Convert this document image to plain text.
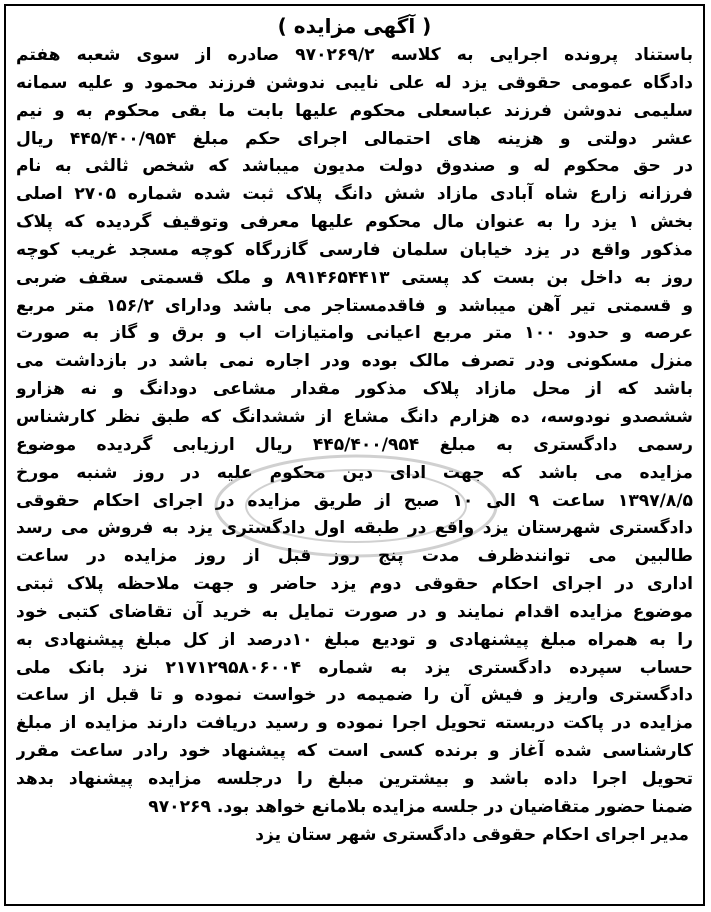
( آگهی مزایده )
باستناد پرونده اجرایی به کلاسه ۹۷۰۲۶۹/۲ صادره از سوی شعبه هفتم
دادگاه عمومی حقوقی یزد له علی نایبی ندوشن فرزند محمود و علیه سمانه
سلیمی ندوشن فرزند عباسعلی محکوم علیها بابت ما بقی محکوم به و نیم
عشر دولتی و هزینه های احتمالی اجرای حکم مبلغ ۴۴۵/۴۰۰/۹۵۴ ریال
در حق محکوم له و صندوق دولت مدیون میباشد که شخص ثالثی به نام
فرزانه زارع شاه آبادی مازاد شش دانگ پلاک ثبت شده شماره ۲۷۰۵ اصلی
بخش ۱ یزد را به عنوان مال محکوم علیها معرفی وتوقیف گردیده که پلاک
مذکور واقع در یزد خیابان سلمان فارسی گازرگاه کوچه مسجد غریب کوچه
روز به داخل بن بست کد پستی ۸۹۱۴۶۵۴۴۱۳ و ملک قسمتی سقف ضربی
و قسمتی تیر آهن میباشد و فاقدمستاجر می باشد ودارای ۱۵۶/۲ متر مربع
عرصه و حدود ۱۰۰ متر مربع اعیانی وامتیازات اب و برق و گاز به صورت
منزل مسکونی ودر تصرف مالک بوده ودر اجاره نمی باشد در بازداشت می
باشد که از محل مازاد پلاک مذکور مقدار مشاعی دودانگ و نه هزارو
ششصدو نودوسه، ده هزارم دانگ مشاع از ششدانگ که طبق نظر کارشناس
رسمی دادگستری به مبلغ ۴۴۵/۴۰۰/۹۵۴ ریال ارزیابی گردیده موضوع
مزایده می باشد که جهت ادای دین محکوم علیه در روز شنبه مورخ
۱۳۹۷/۸/۵ ساعت ۹ الی ۱۰ صبح از طریق مزایده در اجرای احکام حقوقی
دادگستری شهرستان یزد واقع در طبقه اول دادگستری یزد به فروش می رسد
طالبین می توانندظرف مدت پنج روز قبل از روز مزایده در ساعت
اداری در اجرای احکام حقوقی دوم یزد حاضر و جهت ملاحظه پلاک ثبتی
موضوع مزایده اقدام نمایند و در صورت تمایل به خرید آن تقاضای کتبی خود
را به همراه مبلغ پیشنهادی و تودیع مبلغ ۱۰درصد از کل مبلغ پیشنهادی به
حساب سپرده دادگستری یزد به شماره ۲۱۷۱۲۹۵۸۰۶۰۰۴ نزد بانک ملی
دادگستری واریز و فیش آن را ضمیمه در خواست نموده و تا قبل از ساعت
مزایده در پاکت دربسته تحویل اجرا نموده و رسید دریافت دارند مزایده از مبلغ
کارشناسی شده آغاز و برنده کسی است که پیشنهاد خود رادر ساعت مقرر
تحویل اجرا داده باشد و بیشترین مبلغ را درجلسه مزایده پیشنهاد بدهد
ضمنا حضور متقاضیان در جلسه مزایده بلامانع خواهد بود. ۹۷۰۲۶۹
مدیر اجرای احکام حقوقی دادگستری شهر ستان یزد
